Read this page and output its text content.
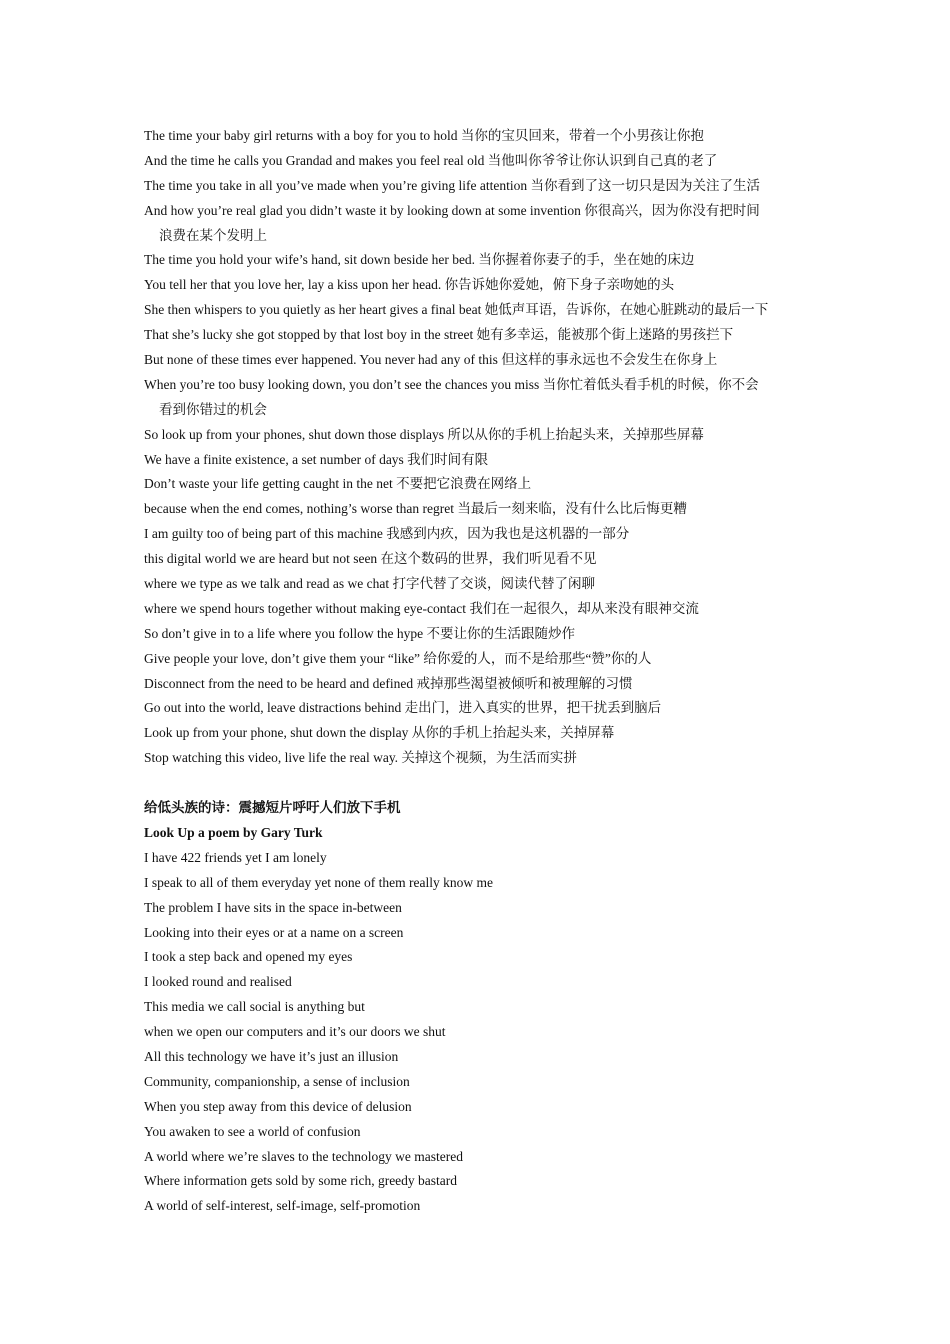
The time your baby girl returns with a boy for you to hold 当你的宝贝回来，带着一个小男孩让你抱
And the time he calls you Grandad and makes you feel real old 当他叫你爷爷让你认识到自己真的老了
The time you take in all you’ve made when you’re giving life attention 当你看到了这一切只是因为关注了生活
And how you’re real glad you didn’t waste it by looking down at some invention 你很高兴，因为你没有把时间
浪费在某个发明上
The time you hold your wife’s hand, sit down beside her bed. 当你握着你妻子的手，坐在她的床边
You tell her that you love her, lay a kiss upon her head. 你告诉她你爱她，俯下身子亲吻她的头
She then whispers to you quietly as her heart gives a final beat 她低声耳语，告诉你，在她心脏跳动的最后一下
That she’s lucky she got stopped by that lost boy in the street 她有多幸运，能被那个街上迷路的男孩拦下
But none of these times ever happened. You never had any of this 但这样的事永远也不会发生在你身上
When you’re too busy looking down, you don’t see the chances you miss 当你忙着低头看手机的时候，你不会
看到你错过的机会
So look up from your phones, shut down those displays 所以从你的手机上抬起头来，关掉那些屏幕
We have a finite existence, a set number of days 我们时间有限
Don’t waste your life getting caught in the net 不要把它浪费在网络上
because when the end comes, nothing’s worse than regret 当最后一刻来临，没有什么比后悔更糟
I am guilty too of being part of this machine 我感到内疚，因为我也是这机器的一部分
this digital world we are heard but not seen 在这个数码的世界，我们听见看不见
where we type as we talk and read as we chat 打字代替了交谈，阅读代替了闲聊
where we spend hours together without making eye-contact 我们在一起很久，却从来没有眼神交流
So don’t give in to a life where you follow the hype 不要让你的生活跟随炒作
Give people your love, don’t give them your “like” 给你爱的人，而不是给那些“赞”你的人
Disconnect from the need to be heard and defined 戒掉那些渴望被倾听和被理解的习惯
Go out into the world, leave distractions behind 走出门，进入真实的世界，把干扰丢到脑后
Look up from your phone, shut down the display 从你的手机上抬起头来，关掉屏幕
Stop watching this video, live life the real way. 关掉这个视频，为生活而实拼
给低头族的诗：震撼短片呼吁人们放下手机
Look Up a poem by Gary Turk
I have 422 friends yet I am lonely
I speak to all of them everyday yet none of them really know me
The problem I have sits in the space in-between
Looking into their eyes or at a name on a screen
I took a step back and opened my eyes
I looked round and realised
This media we call social is anything but
when we open our computers and it’s our doors we shut
All this technology we have it’s just an illusion
Community, companionship, a sense of inclusion
When you step away from this device of delusion
You awaken to see a world of confusion
A world where we’re slaves to the technology we mastered
Where information gets sold by some rich, greedy bastard
A world of self-interest, self-image, self-promotion
